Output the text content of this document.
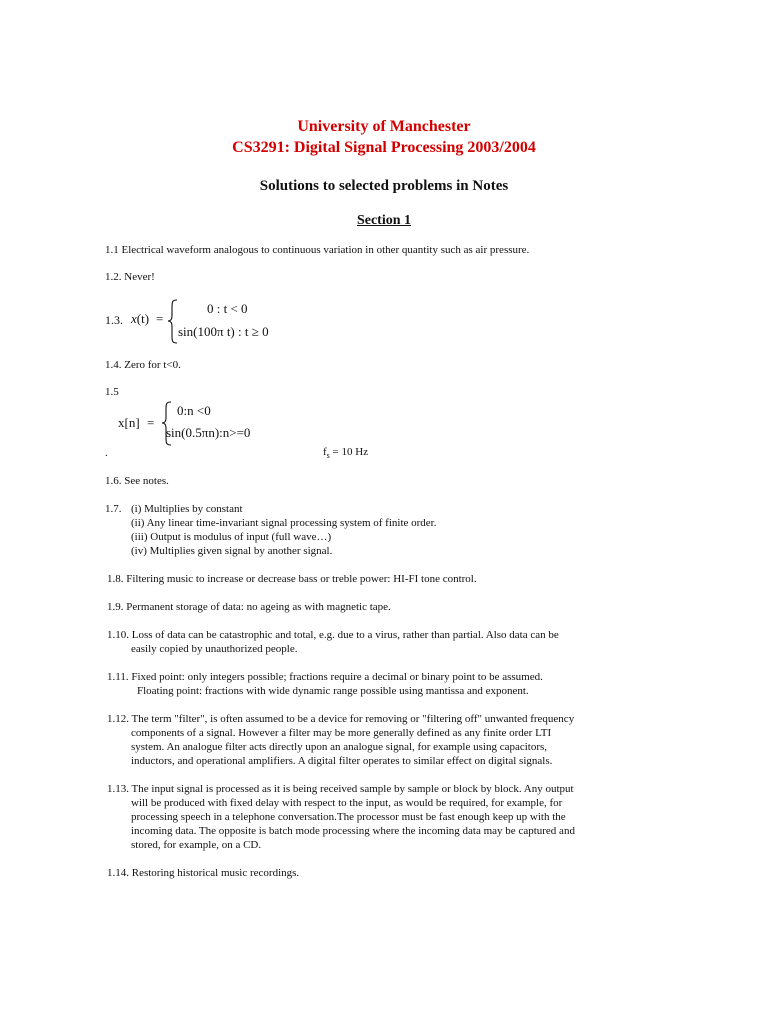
University of Manchester
CS3291: Digital Signal Processing 2003/2004
Solutions to selected problems in Notes
Section 1
1.1 Electrical waveform analogous to continuous variation in other quantity such as air pressure.
1.2. Never!
1.3. x(t) =
0 : t < 0
sin(100π t) : t ≥ 0
1.4. Zero for t<0.
1.5
x[n] =
0:n <0
sin(0.5πn):n>=0
.	$f_s = 10$ Hz
1.6. See notes.
1.7. (i) Multiplies by constant
(ii) Any linear time-invariant signal processing system of finite order.
(iii) Output is modulus of input (full wave…)
(iv) Multiplies given signal by another signal.
1.8. Filtering music to increase or decrease bass or treble power: HI-FI tone control.
1.9. Permanent storage of data: no ageing as with magnetic tape.
1.10. Loss of data can be catastrophic and total, e.g. due to a virus, rather than partial. Also data can be
easily copied by unauthorized people.
1.11. Fixed point: only integers possible; fractions require a decimal or binary point to be assumed.
Floating point: fractions with wide dynamic range possible using mantissa and exponent.
1.12. The term "filter", is often assumed to be a device for removing or "filtering off" unwanted frequency
components of a signal. However a filter may be more generally defined as any finite order LTI
system. An analogue filter acts directly upon an analogue signal, for example using capacitors,
inductors, and operational amplifiers. A digital filter operates to similar effect on digital signals.
1.13. The input signal is processed as it is being received sample by sample or block by block. Any output
will be produced with fixed delay with respect to the input, as would be required, for example, for
processing speech in a telephone conversation.The processor must be fast enough keep up with the
incoming data. The opposite is batch mode processing where the incoming data may be captured and
stored, for example, on a CD.
1.14. Restoring historical music recordings.
